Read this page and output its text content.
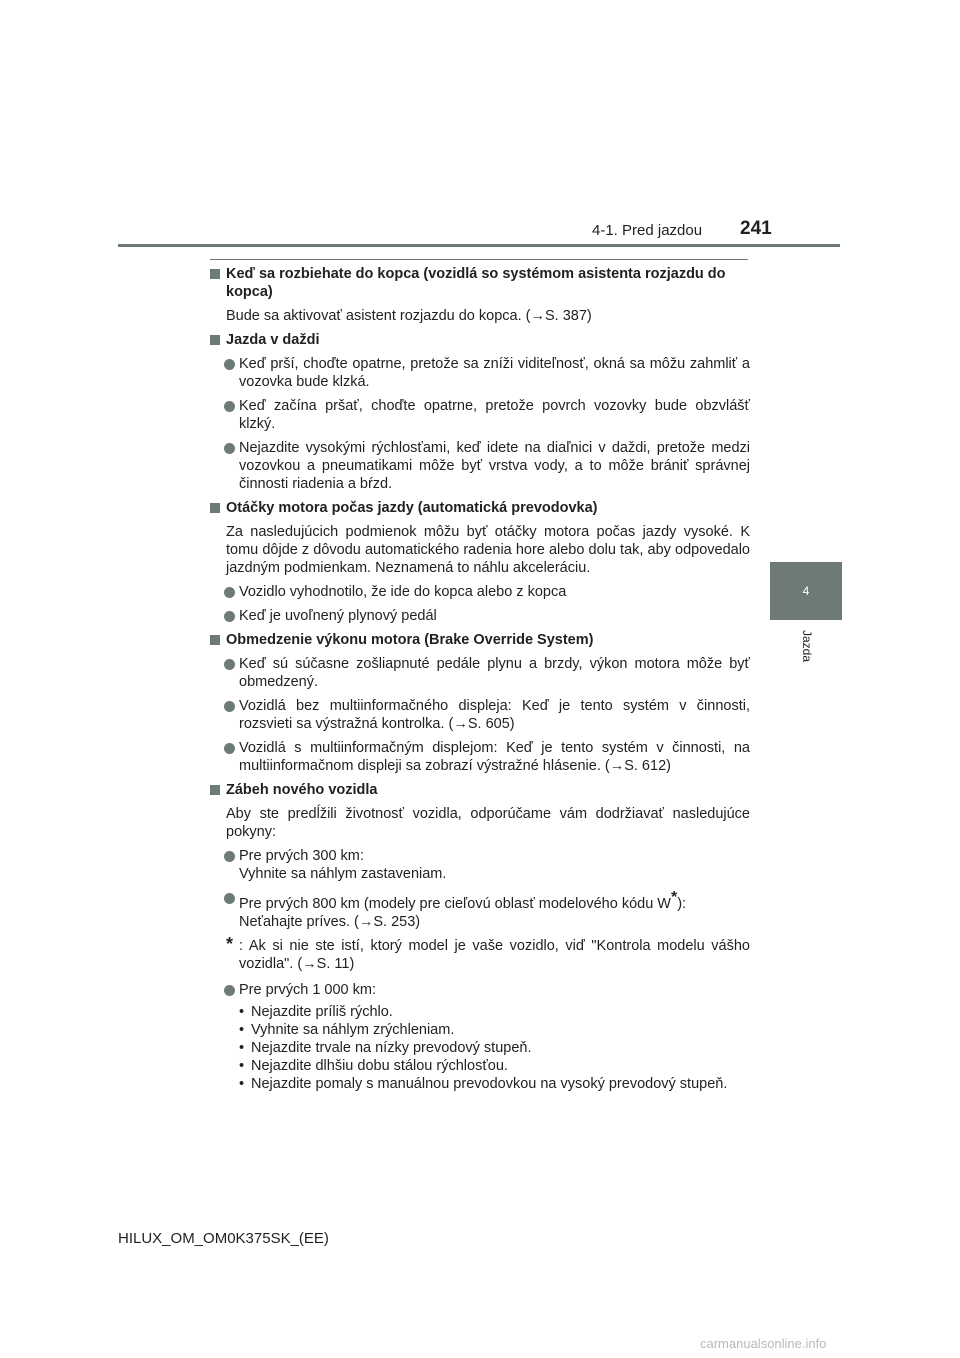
4-1. Pred jazdou 241
4
Jazda
Keď sa rozbiehate do kopca (vozidlá so systémom asistenta rozjazdu do kopca)
Bude sa aktivovať asistent rozjazdu do kopca. (→S. 387)
Jazda v daždi
Keď prší, choďte opatrne, pretože sa zníži viditeľnosť, okná sa môžu zahmliť a vozovka bude klzká.
Keď začína pršať, choďte opatrne, pretože povrch vozovky bude obzvlášť klzký.
Nejazdite vysokými rýchlosťami, keď idete na diaľnici v daždi, pretože medzi vozovkou a pneumatikami môže byť vrstva vody, a to môže brániť správnej činnosti riadenia a bŕzd.
Otáčky motora počas jazdy (automatická prevodovka)
Za nasledujúcich podmienok môžu byť otáčky motora počas jazdy vysoké. K tomu dôjde z dôvodu automatického radenia hore alebo dolu tak, aby odpovedalo jazdným podmienkam. Neznamená to náhlu akceleráciu.
Vozidlo vyhodnotilo, že ide do kopca alebo z kopca
Keď je uvoľnený plynový pedál
Obmedzenie výkonu motora (Brake Override System)
Keď sú súčasne zošliapnuté pedále plynu a brzdy, výkon motora môže byť obmedzený.
Vozidlá bez multiinformačného displeja: Keď je tento systém v činnosti, rozsvieti sa výstražná kontrolka. (→S. 605)
Vozidlá s multiinformačným displejom: Keď je tento systém v činnosti, na multiinformačnom displeji sa zobrazí výstražné hlásenie. (→S. 612)
Zábeh nového vozidla
Aby ste predĺžili životnosť vozidla, odporúčame vám dodržiavať nasledujúce pokyny:
Pre prvých 300 km:
Vyhnite sa náhlym zastaveniam.
Pre prvých 800 km (modely pre cieľovú oblasť modelového kódu W*):
Neťahajte príves. (→S. 253)
* : Ak si nie ste istí, ktorý model je vaše vozidlo, viď "Kontrola modelu vášho vozidla". (→S. 11)
Pre prvých 1 000 km:
• Nejazdite príliš rýchlo.
• Vyhnite sa náhlym zrýchleniam.
• Nejazdite trvale na nízky prevodový stupeň.
• Nejazdite dlhšiu dobu stálou rýchlosťou.
• Nejazdite pomaly s manuálnou prevodovkou na vysoký prevodový stupeň.
HILUX_OM_OM0K375SK_(EE)
carmanualsonline.info
